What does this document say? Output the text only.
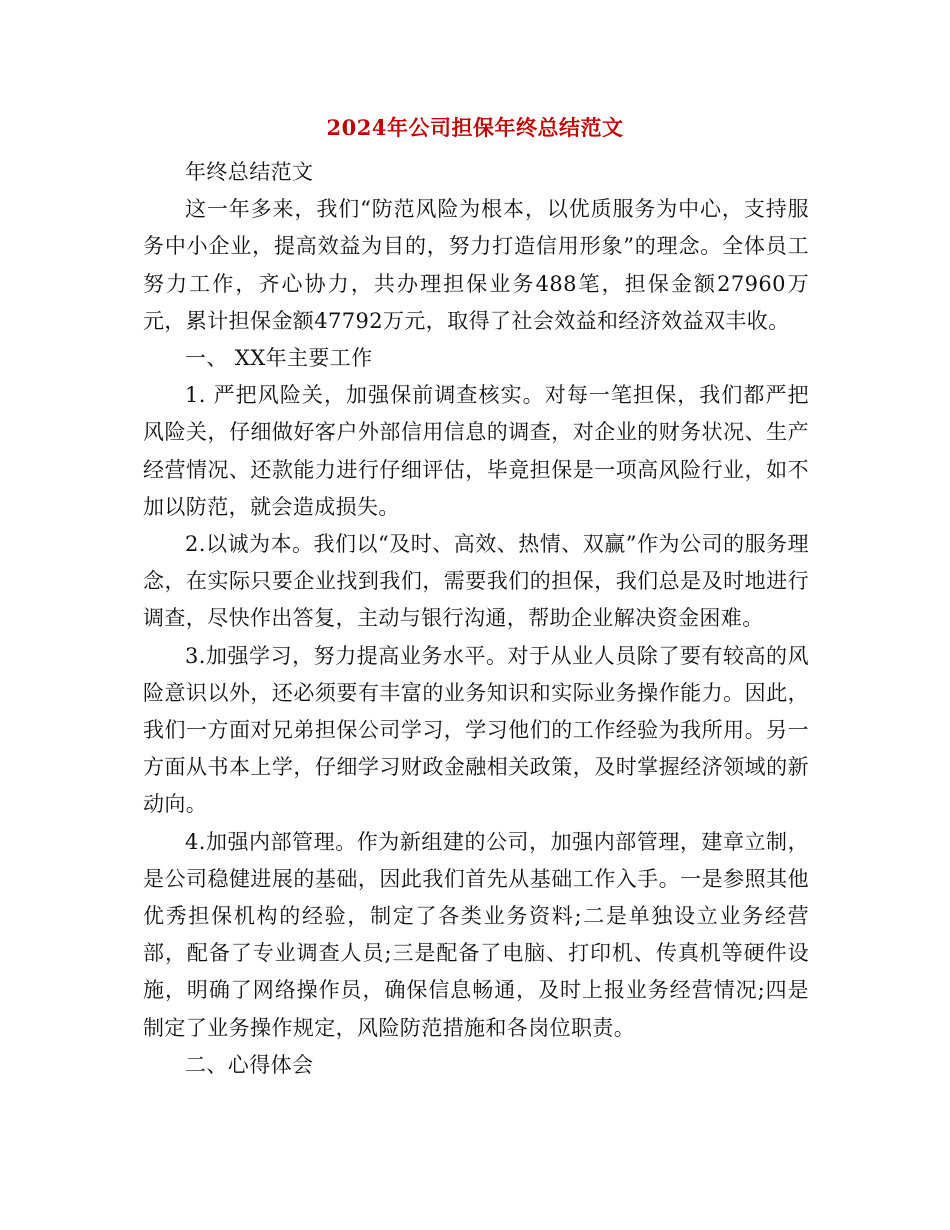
2024年公司担保年终总结范文

年终总结范文

这一年多来，我们“防范风险为根本，以优质服务为中心，支持服务中小企业，提高效益为目的，努力打造信用形象”的理念。全体员工努力工作，齐心协力，共办理担保业务488笔，担保金额27960万元，累计担保金额47792万元，取得了社会效益和经济效益双丰收。

一、 XX年主要工作

1. 严把风险关，加强保前调查核实。对每一笔担保，我们都严把风险关，仔细做好客户外部信用信息的调查，对企业的财务状况、生产经营情况、还款能力进行仔细评估，毕竟担保是一项高风险行业，如不加以防范，就会造成损失。

2.以诚为本。我们以“及时、高效、热情、双赢”作为公司的服务理念，在实际只要企业找到我们，需要我们的担保，我们总是及时地进行调查，尽快作出答复，主动与银行沟通，帮助企业解决资金困难。

3.加强学习，努力提高业务水平。对于从业人员除了要有较高的风险意识以外，还必须要有丰富的业务知识和实际业务操作能力。因此，我们一方面对兄弟担保公司学习，学习他们的工作经验为我所用。另一方面从书本上学，仔细学习财政金融相关政策，及时掌握经济领域的新动向。

4.加强内部管理。作为新组建的公司，加强内部管理，建章立制，是公司稳健进展的基础，因此我们首先从基础工作入手。一是参照其他优秀担保机构的经验，制定了各类业务资料;二是单独设立业务经营部，配备了专业调查人员;三是配备了电脑、打印机、传真机等硬件设施，明确了网络操作员，确保信息畅通，及时上报业务经营情况;四是制定了业务操作规定，风险防范措施和各岗位职责。

二、心得体会
